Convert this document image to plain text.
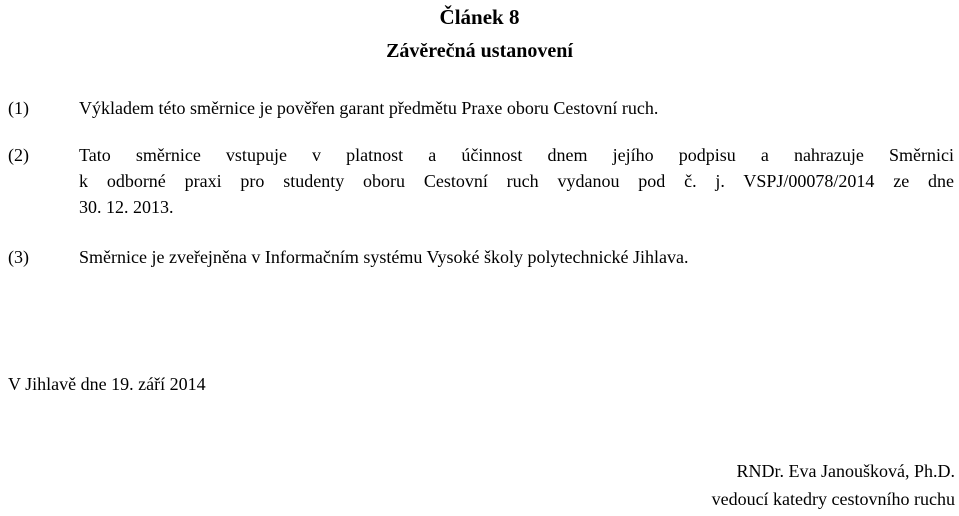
Článek 8
Závěrečná ustanovení
(1)	Výkladem této směrnice je pověřen garant předmětu Praxe oboru Cestovní ruch.
(2)	Tato směrnice vstupuje v platnost a účinnost dnem jejího podpisu a nahrazuje Směrnici
k odborné praxi pro studenty oboru Cestovní ruch vydanou pod č. j. VSPJ/00078/2014 ze dne
30. 12. 2013.
(3)	Směrnice je zveřejněna v Informačním systému Vysoké školy polytechnické Jihlava.
V Jihlavě dne 19. září 2014
RNDr. Eva Janoušková, Ph.D.
vedoucí katedry cestovního ruchu
